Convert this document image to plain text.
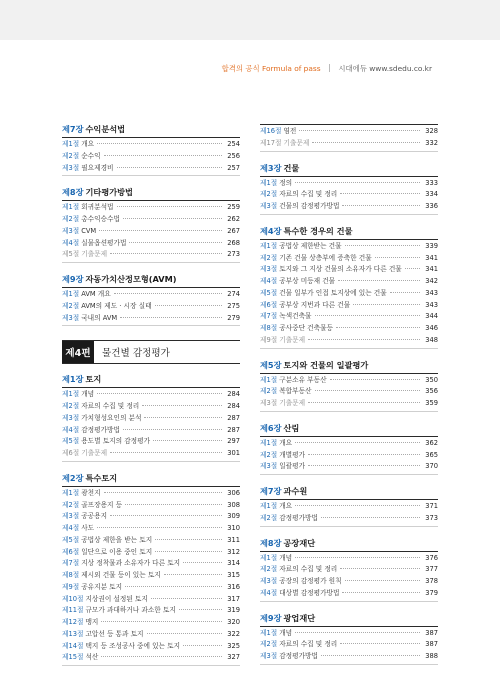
합격의 공식 Formula of pass 시대에듀 www.sdedu.co.kr
제7장 수익분석법
제1절 개요	254
제2절 순수익	256
제3절 필요제경비	257
제8장 기타평가방법
제1절 회귀분석법	259
제2절 총수익승수법	262
제3절 CVM	267
제4절 실물옵션평가법	268
제5절 기출문제	273
제9장 자동가치산정모형(AVM)
제1절 AVM 개요	274
제2절 AVM의 제도 · 시장 실태	275
제3절 국내의 AVM	279
제4편	물건별 감정평가
제1장 토지
제1절 개념	284
제2절 자료의 수집 및 정리	284
제3절 가치형성요인의 분석	287
제4절 감정평가방법	287
제5절 용도별 토지의 감정평가	297
제6절 기출문제	301
제2장 특수토지
제1절 광천지	306
제2절 골프장용지 등	308
제3절 공공용지	309
제4절 사도	310
제5절 공법상 제한을 받는 토지	311
제6절 일단으로 이용 중인 토지	312
제7절 지상 정착물과 소유자가 다른 토지	314
제8절 제시외 건물 등이 있는 토지	315
제9절 공유지분 토지	316
제10절 지상권이 설정된 토지	317
제11절 규모가 과대하거나 과소한 토지	319
제12절 맹지	320
제13절 고압선 등 통과 토지	322
제14절 택지 등 조성공사 중에 있는 토지	325
제15절 석산	327
제16절 염전	328
제17절 기출문제	332
제3장 건물
제1절 정의	333
제2절 자료의 수집 및 정리	334
제3절 건물의 감정평가방법	336
제4장 특수한 경우의 건물
제1절 공법상 제한받는 건물	339
제2절 기존 건물 상층부에 증축한 건물	341
제3절 토지와 그 지상 건물의 소유자가 다른 건물	341
제4절 공부상 미등재 건물	342
제5절 건물 일부가 인접 토지상에 있는 건물	343
제6절 공부상 지번과 다른 건물	343
제7절 녹색건축물	344
제8절 공사중단 건축물등	346
제9절 기출문제	348
제5장 토지와 건물의 일괄평가
제1절 구분소유 부동산	350
제2절 복합부동산	356
제3절 기출문제	359
제6장 산림
제1절 개요	362
제2절 개별평가	365
제3절 일괄평가	370
제7장 과수원
제1절 개요	371
제2절 감정평가방법	373
제8장 공장재단
제1절 개념	376
제2절 자료의 수집 및 정리	377
제3절 공장의 감정평가 원칙	378
제4절 대상별 감정평가방법	379
제9장 광업재단
제1절 개념	387
제2절 자료의 수집 및 정리	387
제3절 감정평가방법	388
